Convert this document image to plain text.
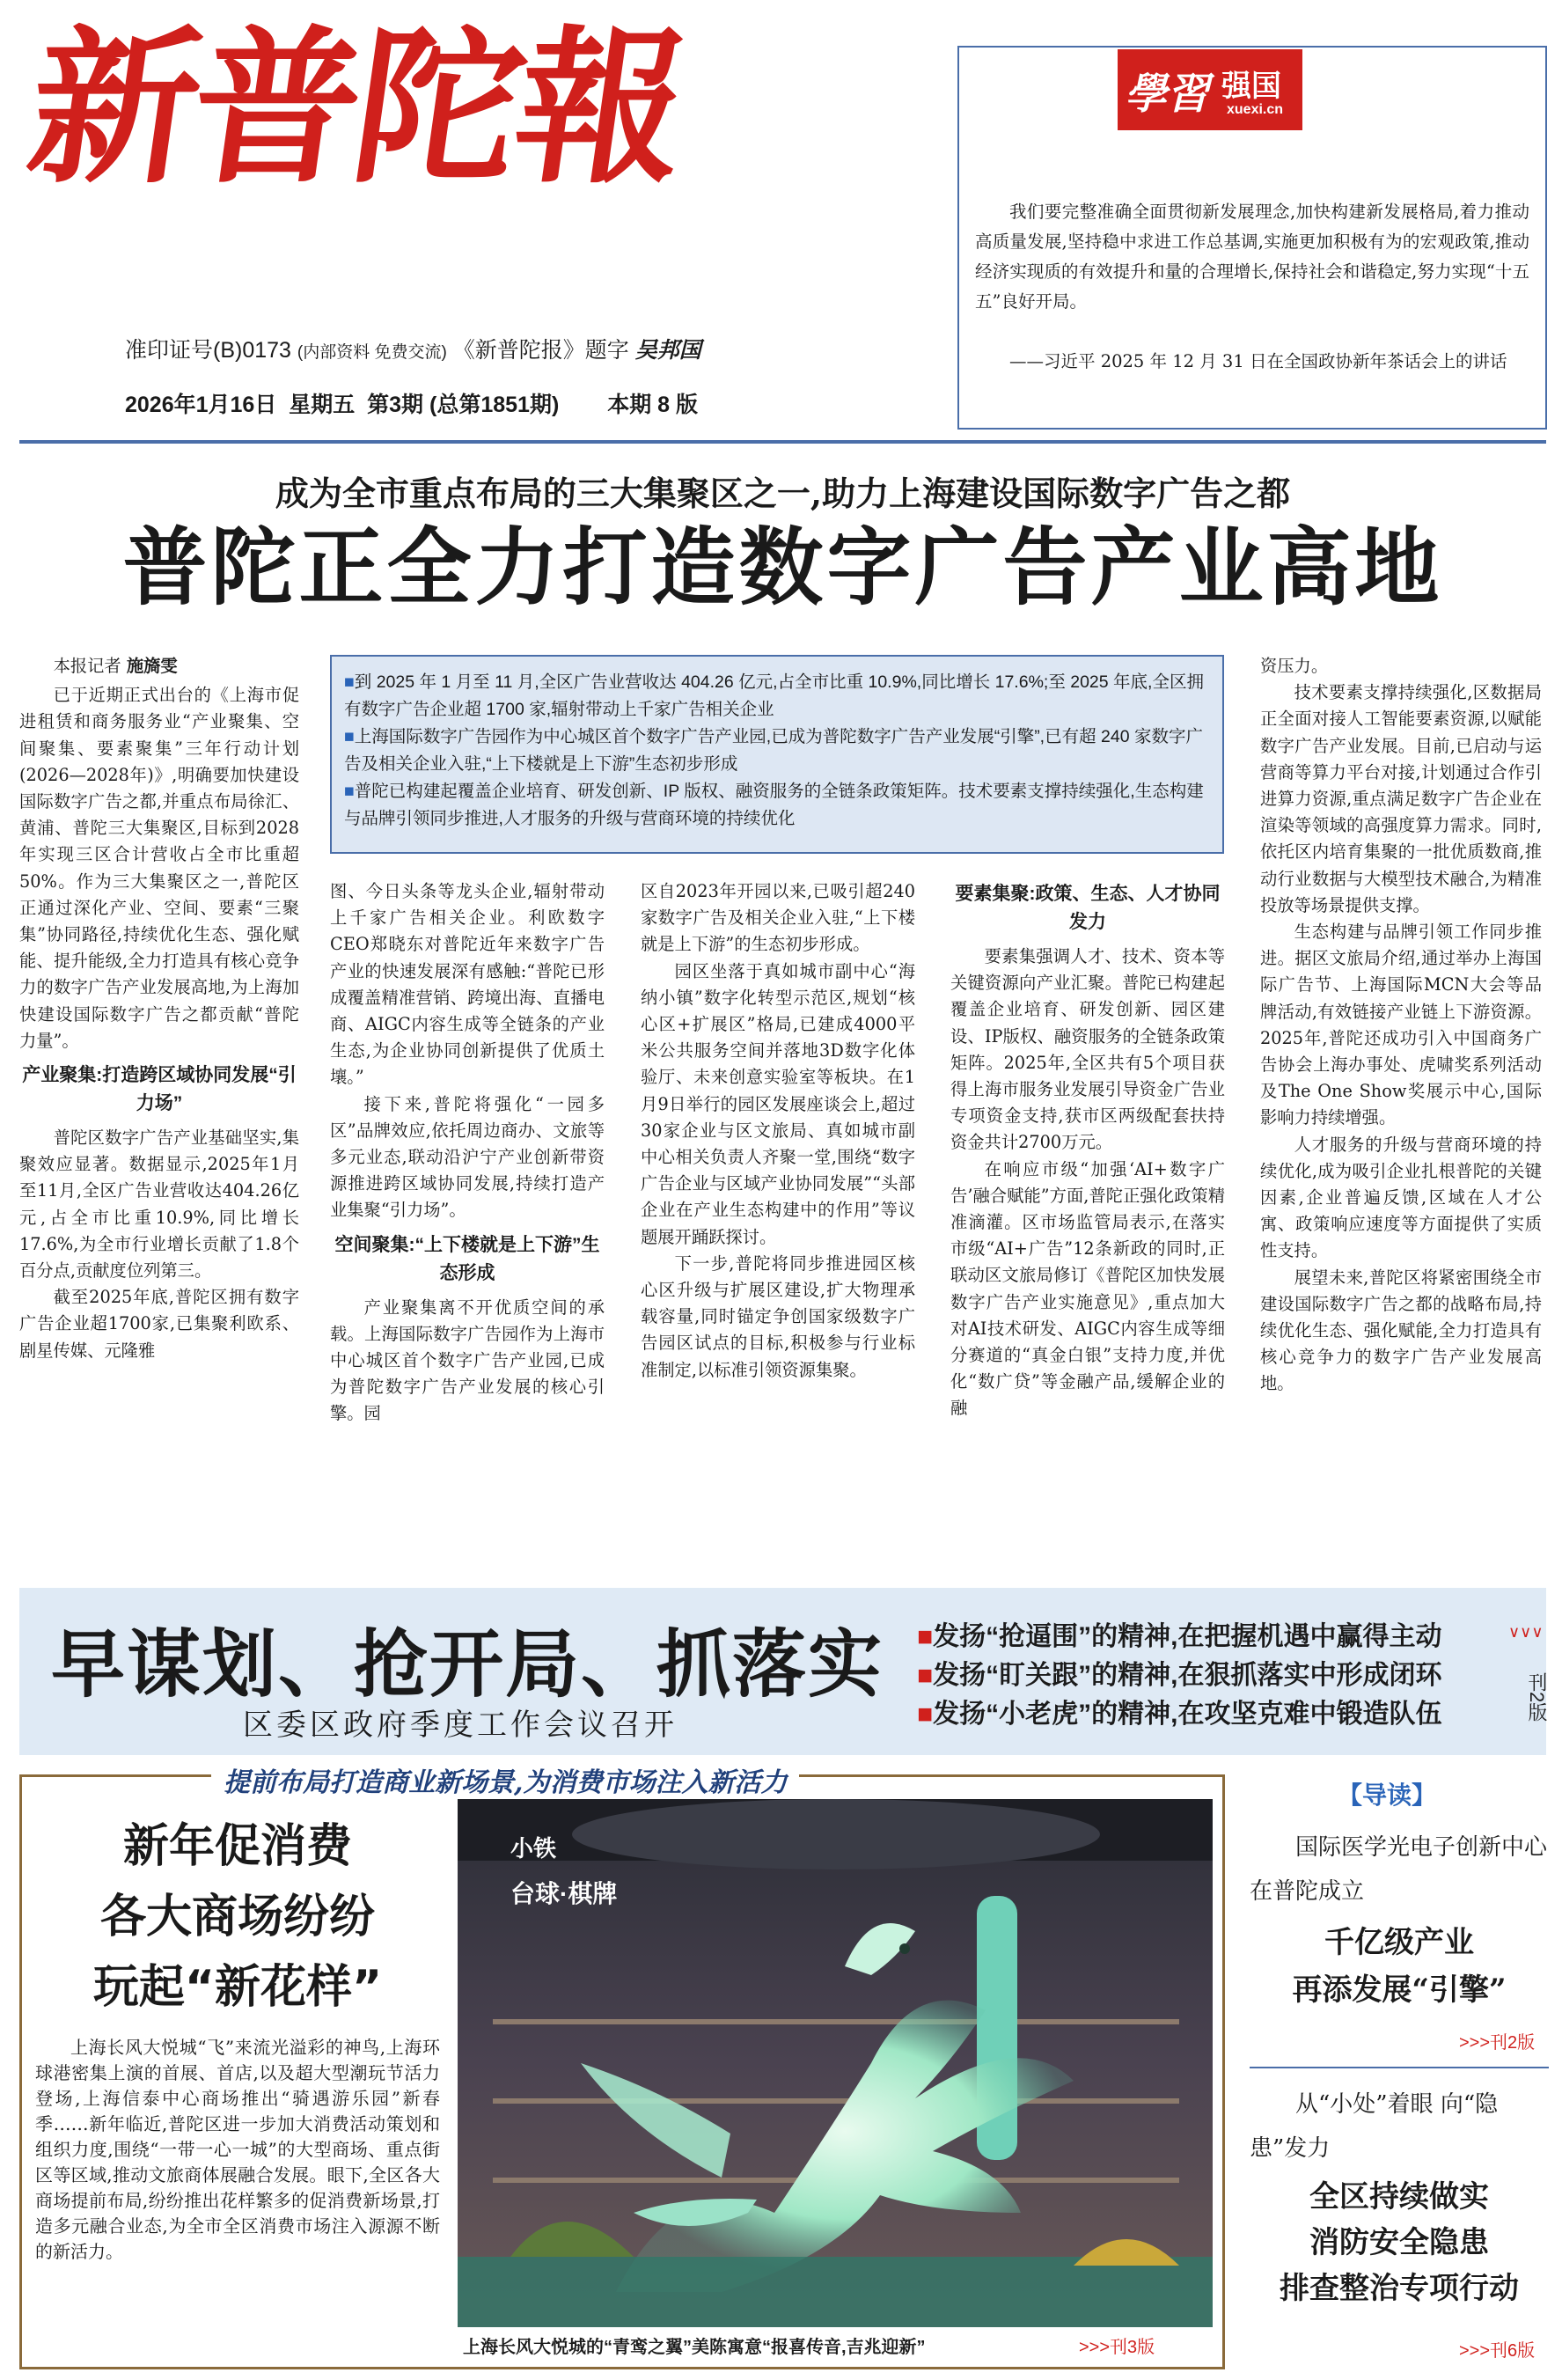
新普陀報
准印证号(B)0173 (内部资料 免费交流) 《新普陀报》题字 吴邦国
2026年1月16日 星期五 第3期 (总第1851期) 本期 8 版
學習 强国
xuexi.cn
我们要完整准确全面贯彻新发展理念,加快构建新发展格局,着力推动高质量发展,坚持稳中求进工作总基调,实施更加积极有为的宏观政策,推动经济实现质的有效提升和量的合理增长,保持社会和谐稳定,努力实现“十五五”良好开局。
——习近平 2025 年 12 月 31 日在全国政协新年茶话会上的讲话
成为全市重点布局的三大集聚区之一,助力上海建设国际数字广告之都
普陀正全力打造数字广告产业高地

■到 2025 年 1 月至 11 月,全区广告业营收达 404.26 亿元,占全市比重 10.9%,同比增长 17.6%;至 2025 年底,全区拥有数字广告企业超 1700 家,辐射带动上千家广告相关企业

■上海国际数字广告园作为中心城区首个数字广告产业园,已成为普陀数字广告产业发展“引擎”,已有超 240 家数字广告及相关企业入驻,“上下楼就是上下游”生态初步形成

■普陀已构建起覆盖企业培育、研发创新、IP 版权、融资服务的全链条政策矩阵。技术要素支撑持续强化,生态构建与品牌引领同步推进,人才服务的升级与营商环境的持续优化

本报记者 施旖雯

已于近期正式出台的《上海市促进租赁和商务服务业“产业聚集、空间聚集、要素聚集”三年行动计划(2026—2028年)》,明确要加快建设国际数字广告之都,并重点布局徐汇、黄浦、普陀三大集聚区,目标到2028年实现三区合计营收占全市比重超50%。作为三大集聚区之一,普陀区正通过深化产业、空间、要素“三聚集”协同路径,持续优化生态、强化赋能、提升能级,全力打造具有核心竞争力的数字广告产业发展高地,为上海加快建设国际数字广告之都贡献“普陀力量”。

产业聚集:打造跨区域协同发展“引力场”

普陀区数字广告产业基础坚实,集聚效应显著。数据显示,2025年1月至11月,全区广告业营收达404.26亿元,占全市比重10.9%,同比增长17.6%,为全市行业增长贡献了1.8个百分点,贡献度位列第三。

截至2025年底,普陀区拥有数字广告企业超1700家,已集聚利欧系、剧星传媒、元隆雅

图、今日头条等龙头企业,辐射带动上千家广告相关企业。利欧数字CEO郑晓东对普陀近年来数字广告产业的快速发展深有感触:“普陀已形成覆盖精准营销、跨境出海、直播电商、AIGC内容生成等全链条的产业生态,为企业协同创新提供了优质土壤。”

接下来,普陀将强化“一园多区”品牌效应,依托周边商办、文旅等多元业态,联动沿沪宁产业创新带资源推进跨区域协同发展,持续打造产业集聚“引力场”。

空间聚集:“上下楼就是上下游”生态形成

产业聚集离不开优质空间的承载。上海国际数字广告园作为上海市中心城区首个数字广告产业园,已成为普陀数字广告产业发展的核心引擎。园

区自2023年开园以来,已吸引超240家数字广告及相关企业入驻,“上下楼就是上下游”的生态初步形成。

园区坐落于真如城市副中心“海纳小镇”数字化转型示范区,规划“核心区+扩展区”格局,已建成4000平米公共服务空间并落地3D数字化体验厅、未来创意实验室等板块。在1月9日举行的园区发展座谈会上,超过30家企业与区文旅局、真如城市副中心相关负责人齐聚一堂,围绕“数字广告企业与区域产业协同发展”“头部企业在产业生态构建中的作用”等议题展开踊跃探讨。

下一步,普陀将同步推进园区核心区升级与扩展区建设,扩大物理承载容量,同时锚定争创国家级数字广告园区试点的目标,积极参与行业标准制定,以标准引领资源集聚。

要素集聚:政策、生态、人才协同发力

要素集强调人才、技术、资本等关键资源向产业汇聚。普陀已构建起覆盖企业培育、研发创新、园区建设、IP版权、融资服务的全链条政策矩阵。2025年,全区共有5个项目获得上海市服务业发展引导资金广告业专项资金支持,获市区两级配套扶持资金共计2700万元。

在响应市级“加强‘AI+数字广告’融合赋能”方面,普陀正强化政策精准滴灌。区市场监管局表示,在落实市级“AI+广告”12条新政的同时,正联动区文旅局修订《普陀区加快发展数字广告产业实施意见》,重点加大对AI技术研发、AIGC内容生成等细分赛道的“真金白银”支持力度,并优化“数广贷”等金融产品,缓解企业的融

资压力。

技术要素支撑持续强化,区数据局正全面对接人工智能要素资源,以赋能数字广告产业发展。目前,已启动与运营商等算力平台对接,计划通过合作引进算力资源,重点满足数字广告企业在渲染等领域的高强度算力需求。同时,依托区内培育集聚的一批优质数商,推动行业数据与大模型技术融合,为精准投放等场景提供支撑。

生态构建与品牌引领工作同步推进。据区文旅局介绍,通过举办上海国际广告节、上海国际MCN大会等品牌活动,有效链接产业链上下游资源。2025年,普陀还成功引入中国商务广告协会上海办事处、虎啸奖系列活动及The One Show奖展示中心,国际影响力持续增强。

人才服务的升级与营商环境的持续优化,成为吸引企业扎根普陀的关键因素,企业普遍反馈,区域在人才公寓、政策响应速度等方面提供了实质性支持。

展望未来,普陀区将紧密围绕全市建设国际数字广告之都的战略布局,持续优化生态、强化赋能,全力打造具有核心竞争力的数字广告产业发展高地。

早谋划、抢开局、抓落实
区委区政府季度工作会议召开
■发扬“抢逼围”的精神,在把握机遇中赢得主动
■发扬“盯关跟”的精神,在狠抓落实中形成闭环
■发扬“小老虎”的精神,在攻坚克难中锻造队伍
∨∨∨
刊2版
提前布局打造商业新场景,为消费市场注入新活力
新年促消费
各大商场纷纷
玩起“新花样”

上海长风大悦城“飞”来流光溢彩的神鸟,上海环球港密集上演的首展、首店,以及超大型潮玩节活力登场,上海信泰中心商场推出“骑遇游乐园”新春季……新年临近,普陀区进一步加大消费活动策划和组织力度,围绕“一带一心一城”的大型商场、重点街区等区域,推动文旅商体展融合发展。眼下,全区各大商场提前布局,纷纷推出花样繁多的促消费新场景,打造多元融合业态,为全市全区消费市场注入源源不断的新活力。

小铁
台球·棋牌
上海长风大悦城的“青鸾之翼”美陈寓意“报喜传音,吉兆迎新”	>>>刊3版
【导读】
国际医学光电子创新中心在普陀成立
千亿级产业
再添发展“引擎”
>>>刊2版
从“小处”着眼 向“隐患”发力
全区持续做实
消防安全隐患
排查整治专项行动
>>>刊6版
